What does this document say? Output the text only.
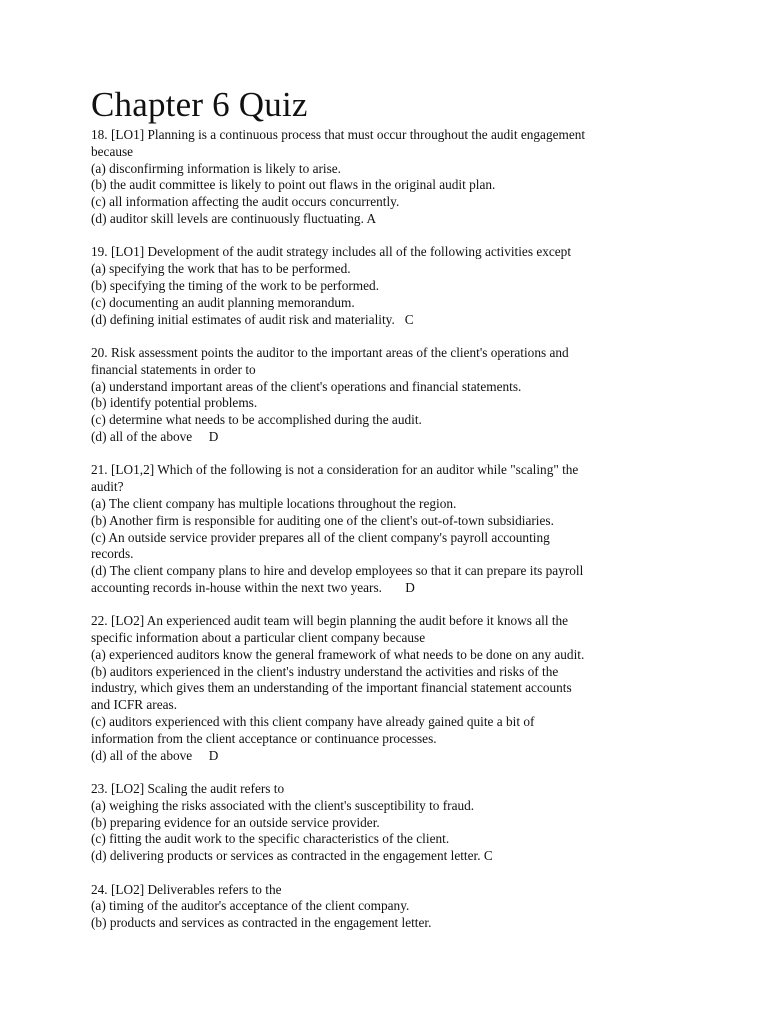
Chapter 6 Quiz
18. [LO1] Planning is a continuous process that must occur throughout the audit engagement
because
(a) disconfirming information is likely to arise.
(b) the audit committee is likely to point out flaws in the original audit plan.
(c) all information affecting the audit occurs concurrently.
(d) auditor skill levels are continuously fluctuating. A
19. [LO1] Development of the audit strategy includes all of the following activities except
(a) specifying the work that has to be performed.
(b) specifying the timing of the work to be performed.
(c) documenting an audit planning memorandum.
(d) defining initial estimates of audit risk and materiality.   C
20. Risk assessment points the auditor to the important areas of the client's operations and
financial statements in order to
(a) understand important areas of the client's operations and financial statements.
(b) identify potential problems.
(c) determine what needs to be accomplished during the audit.
(d) all of the above     D
21. [LO1,2] Which of the following is not a consideration for an auditor while "scaling" the
audit?
(a) The client company has multiple locations throughout the region.
(b) Another firm is responsible for auditing one of the client's out-of-town subsidiaries.
(c) An outside service provider prepares all of the client company's payroll accounting
records.
(d) The client company plans to hire and develop employees so that it can prepare its payroll
accounting records in-house within the next two years.       D
22. [LO2] An experienced audit team will begin planning the audit before it knows all the
specific information about a particular client company because
(a) experienced auditors know the general framework of what needs to be done on any audit.
(b) auditors experienced in the client's industry understand the activities and risks of the
industry, which gives them an understanding of the important financial statement accounts
and ICFR areas.
(c) auditors experienced with this client company have already gained quite a bit of
information from the client acceptance or continuance processes.
(d) all of the above     D
23. [LO2] Scaling the audit refers to
(a) weighing the risks associated with the client's susceptibility to fraud.
(b) preparing evidence for an outside service provider.
(c) fitting the audit work to the specific characteristics of the client.
(d) delivering products or services as contracted in the engagement letter. C
24. [LO2] Deliverables refers to the
(a) timing of the auditor's acceptance of the client company.
(b) products and services as contracted in the engagement letter.
